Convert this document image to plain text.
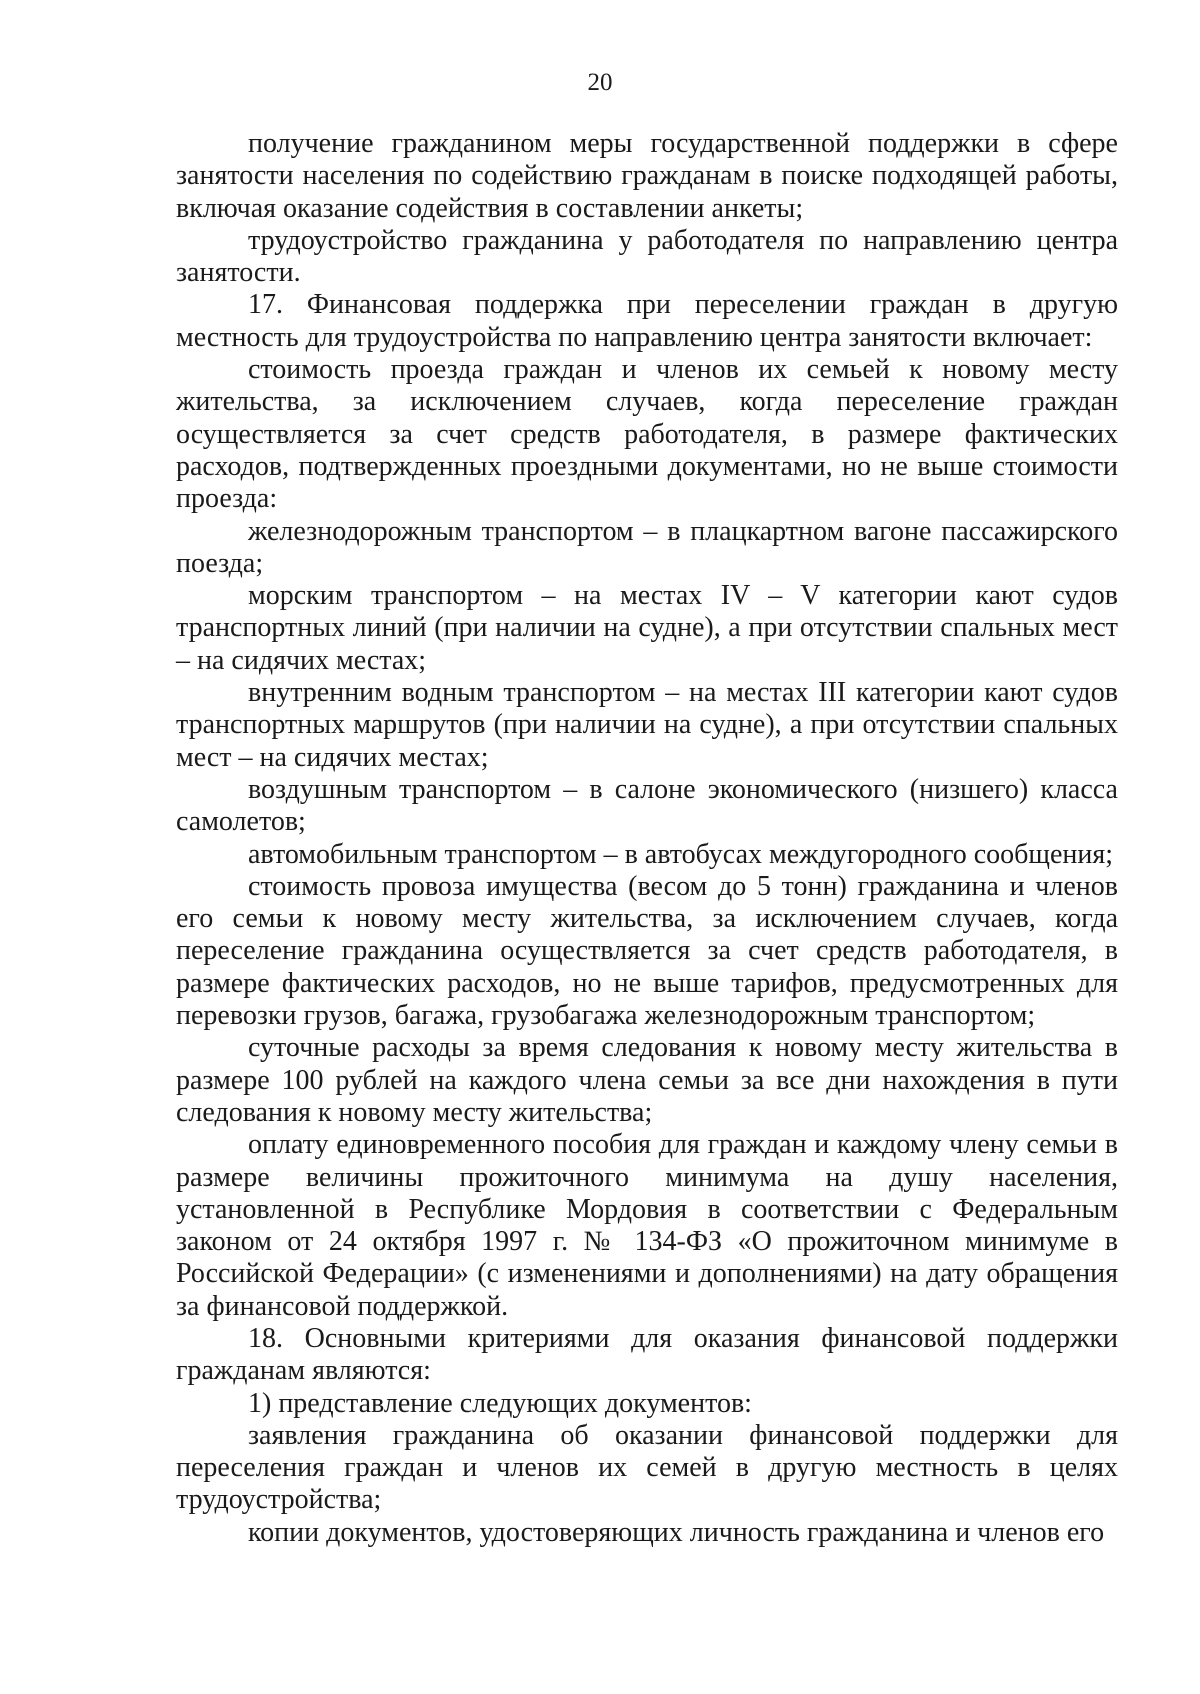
20

получение гражданином меры государственной поддержки в сфере занятости населения по содействию гражданам в поиске подходящей работы, включая оказание содействия в составлении анкеты;

трудоустройство гражданина у работодателя по направлению центра занятости.

17. Финансовая поддержка при переселении граждан в другую местность для трудоустройства по направлению центра занятости включает:

стоимость проезда граждан и членов их семьей к новому месту жительства, за исключением случаев, когда переселение граждан осуществляется за счет средств работодателя, в размере фактических расходов, подтвержденных проездными документами, но не выше стоимости проезда:

железнодорожным транспортом – в плацкартном вагоне пассажирского поезда;

морским транспортом – на местах IV – V категории кают судов транспортных линий (при наличии на судне), а при отсутствии спальных мест – на сидячих местах;

внутренним водным транспортом – на местах III категории кают судов транспортных маршрутов (при наличии на судне), а при отсутствии спальных мест – на сидячих местах;

воздушным транспортом – в салоне экономического (низшего) класса самолетов;

автомобильным транспортом – в автобусах междугородного сообщения;

стоимость провоза имущества (весом до 5 тонн) гражданина и членов его семьи к новому месту жительства, за исключением случаев, когда переселение гражданина осуществляется за счет средств работодателя, в размере фактических расходов, но не выше тарифов, предусмотренных для перевозки грузов, багажа, грузобагажа железнодорожным транспортом;

суточные расходы за время следования к новому месту жительства в размере 100 рублей на каждого члена семьи за все дни нахождения в пути следования к новому месту жительства;

оплату единовременного пособия для граждан и каждому члену семьи в размере величины прожиточного минимума на душу населения, установленной в Республике Мордовия в соответствии с Федеральным законом от 24 октября 1997 г. № 134-ФЗ «О прожиточном минимуме в Российской Федерации» (с изменениями и дополнениями) на дату обращения за финансовой поддержкой.

18. Основными критериями для оказания финансовой поддержки гражданам являются:

1) представление следующих документов:

заявления гражданина об оказании финансовой поддержки для переселения граждан и членов их семей в другую местность в целях трудоустройства;

копии документов, удостоверяющих личность гражданина и членов его
